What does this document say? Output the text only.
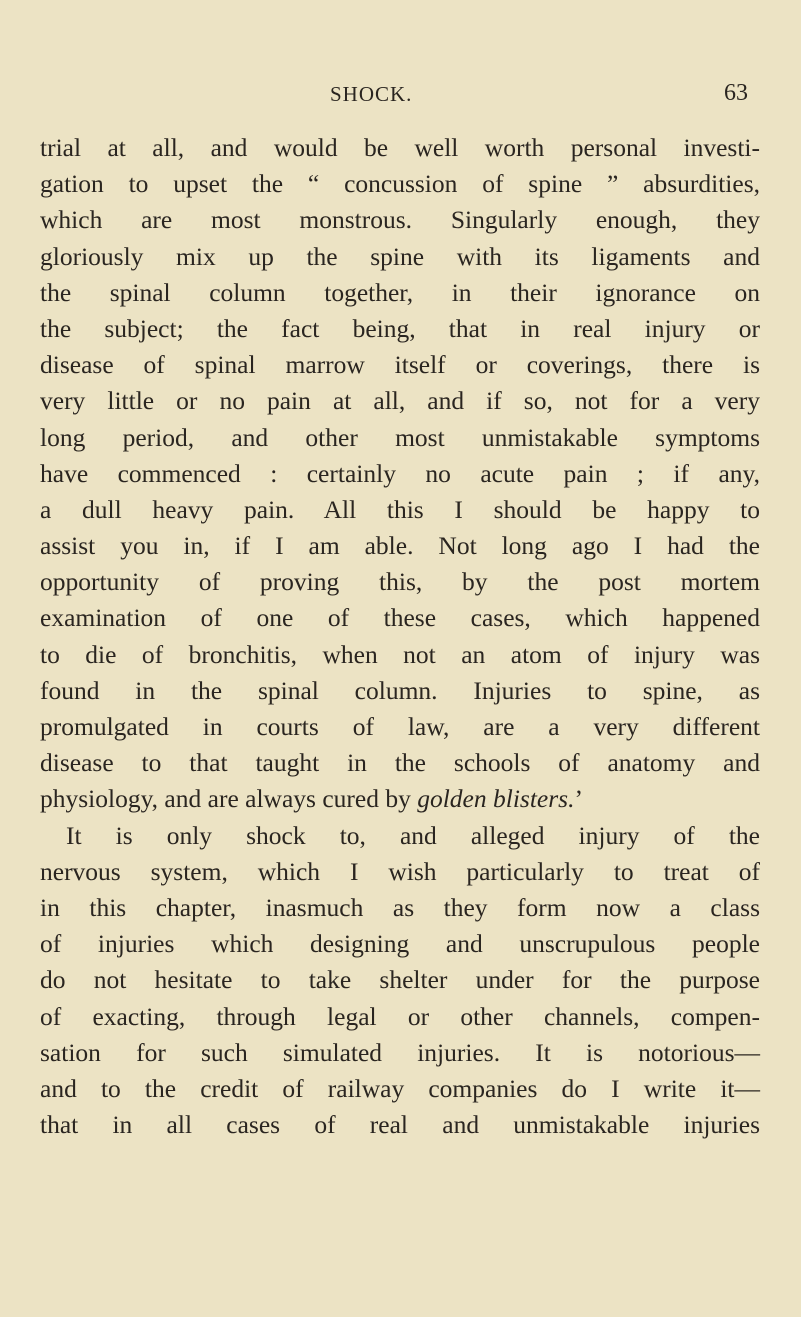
SHOCK.	63
trial at all, and would be well worth personal investi-
gation to upset the “ concussion of spine ” absurdities,
which are most monstrous. Singularly enough, they
gloriously mix up the spine with its ligaments and
the spinal column together, in their ignorance on
the subject; the fact being, that in real injury or
disease of spinal marrow itself or coverings, there is
very little or no pain at all, and if so, not for a very
long period, and other most unmistakable symptoms
have commenced : certainly no acute pain ; if any,
a dull heavy pain. All this I should be happy to
assist you in, if I am able. Not long ago I had the
opportunity of proving this, by the post mortem
examination of one of these cases, which happened
to die of bronchitis, when not an atom of injury was
found in the spinal column. Injuries to spine, as
promulgated in courts of law, are a very different
disease to that taught in the schools of anatomy and
physiology, and are always cured by golden blisters.’
It is only shock to, and alleged injury of the
nervous system, which I wish particularly to treat of
in this chapter, inasmuch as they form now a class
of injuries which designing and unscrupulous people
do not hesitate to take shelter under for the purpose
of exacting, through legal or other channels, compen-
sation for such simulated injuries. It is notorious—
and to the credit of railway companies do I write it—
that in all cases of real and unmistakable injuries
